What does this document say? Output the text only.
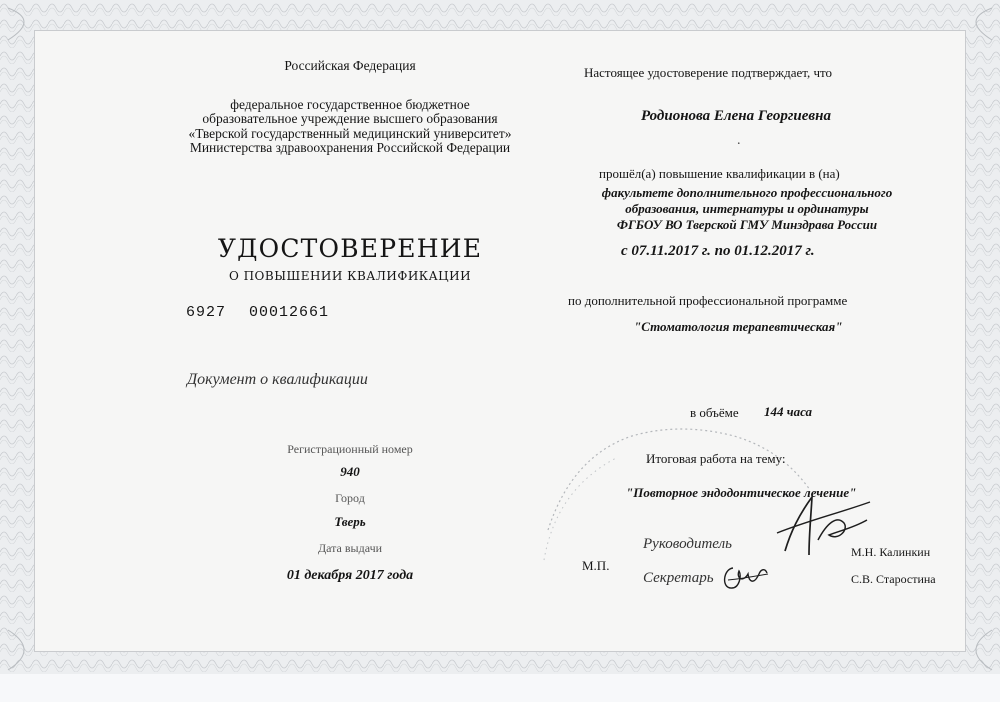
Российская Федерация
федеральное государственное бюджетное
образовательное учреждение высшего образования
«Тверской государственный медицинский университет»
Министерства здравоохранения Российской Федерации
УДОСТОВЕРЕНИЕ
О ПОВЫШЕНИИ КВАЛИФИКАЦИИ
6927 00012661
Документ о квалификации
Регистрационный номер
940
Город
Тверь
Дата выдачи
01 декабря 2017 года
Настоящее удостоверение подтверждает, что
Родионова Елена Георгиевна
.
прошёл(а) повышение квалификации в (на)
факультете дополнительного профессионального
образования, интернатуры и ординатуры
ФГБОУ ВО Тверской ГМУ Минздрава России
с 07.11.2017 г. по 01.12.2017 г.
по дополнительной профессиональной программе
"Стоматология терапевтическая"
в объёме 144 часа
Итоговая работа на тему:
"Повторное эндодонтическое лечение"
Руководитель	М.Н. Калинкин
Секретарь	С.В. Старостина
М.П.
